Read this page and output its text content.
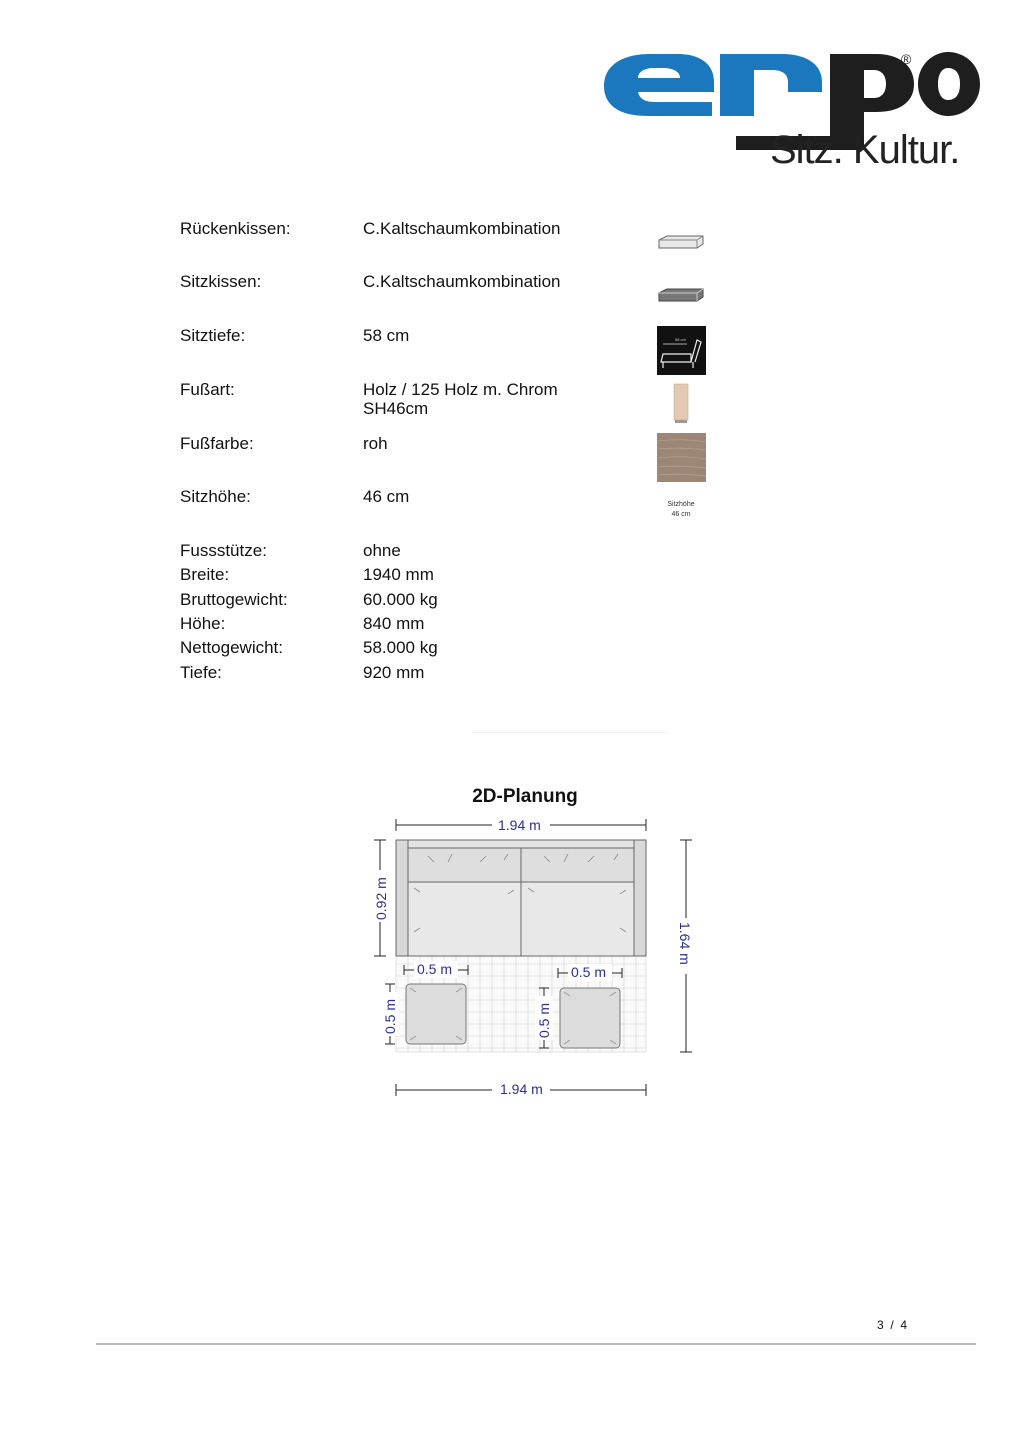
®
Sitz. Kultur.
Rückenkissen:	C.Kaltschaumkombination
Sitzkissen:	C.Kaltschaumkombination
Sitztiefe:	58 cm
Fußart:	Holz / 125 Holz m. Chrom
SH46cm
Fußfarbe:	roh
Sitzhöhe:	46 cm
Fussstütze:	ohne
Breite:	1940 mm
Bruttogewicht:	60.000 kg
Höhe:	840 mm
Nettogewicht:	58.000 kg
Tiefe:	920 mm
58 cm
Sitzhöhe
46 cm
2D-Planung
1.94 m
1.94 m
0.92 m
1.64 m
0.5 m	0.5 m
0.5 m	0.5 m
3 / 4
